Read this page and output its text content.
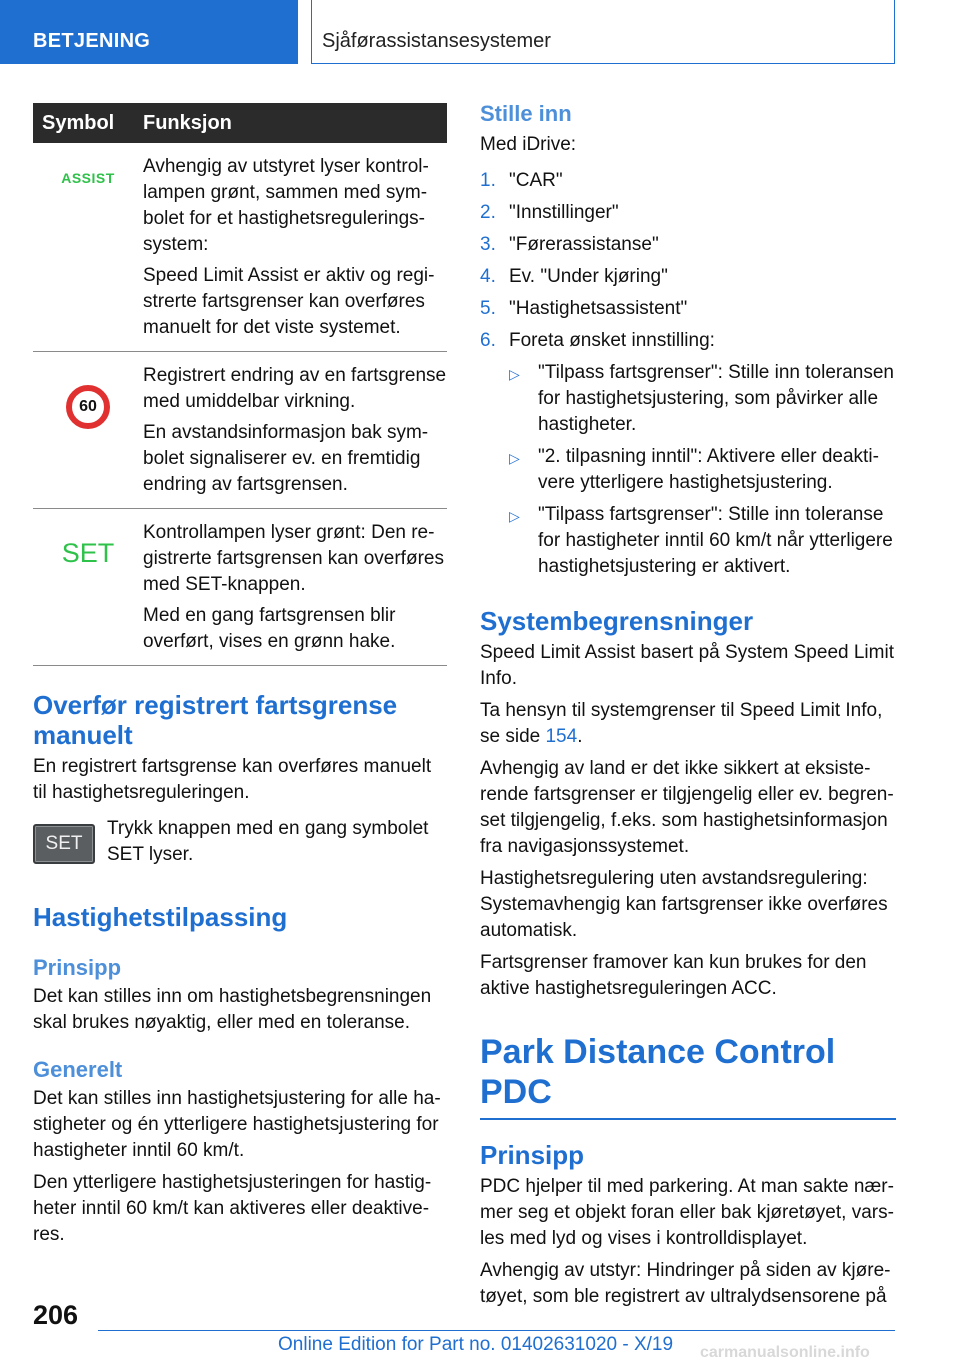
BETJENING	Sjåførassistansesystemer
Symbol	Funksjon
ASSIST

Avhengig av utstyret lyser kontrollampen grønt, sammen med symbolet for et hastighetsreguleringssystem:

Speed Limit Assist er aktiv og registrerte fartsgrenser kan overføres manuelt for det viste systemet.

60

Registrert endring av en fartsgrense med umiddelbar virkning.

En avstandsinformasjon bak symbolet signaliserer ev. en fremtidig endring av fartsgrensen.

SET

Kontrollampen lyser grønt: Den registrerte fartsgrensen kan overføres med SET-knappen.

Med en gang fartsgrensen blir overført, vises en grønn hake.

Overfør registrert fartsgrense manuelt

En registrert fartsgrense kan overføres manuelt til hastighetsreguleringen.

SET

Trykk knappen med en gang symbolet SET lyser.

Hastighetstilpassing
Prinsipp

Det kan stilles inn om hastighetsbegrensningen skal brukes nøyaktig, eller med en toleranse.

Generelt

Det kan stilles inn hastighetsjustering for alle hastigheter og én ytterligere hastighetsjustering for hastigheter inntil 60 km/t.

Den ytterligere hastighetsjusteringen for hastigheter inntil 60 km/t kan aktiveres eller deaktiveres.

Stille inn

Med iDrive:

1. "CAR"
2. "Innstillinger"
3. "Førerassistanse"
4. Ev. "Under kjøring"
5. "Hastighetsassistent"
6. Foreta ønsket innstilling:
▷ "Tilpass fartsgrenser": Stille inn toleransen for hastighetsjustering, som påvirker alle hastigheter.
▷ "2. tilpasning inntil": Aktivere eller deaktivere ytterligere hastighetsjustering.
▷ "Tilpass fartsgrenser": Stille inn toleranse for hastigheter inntil 60 km/t når ytterligere hastighetsjustering er aktivert.
Systembegrensninger

Speed Limit Assist basert på System Speed Limit Info.

Ta hensyn til systemgrenser til Speed Limit Info, se side 154.

Avhengig av land er det ikke sikkert at eksisterende fartsgrenser er tilgjengelig eller ev. begrenset tilgjengelig, f.eks. som hastighetsinformasjon fra navigasjonssystemet.

Hastighetsregulering uten avstandsregulering: Systemavhengig kan fartsgrenser ikke overføres automatisk.

Fartsgrenser framover kan kun brukes for den aktive hastighetsreguleringen ACC.

Park Distance Control PDC
Prinsipp

PDC hjelper til med parkering. At man sakte nærmer seg et objekt foran eller bak kjøretøyet, varsles med lyd og vises i kontrolldisplayet.

Avhengig av utstyr: Hindringer på siden av kjøretøyet, som ble registrert av ultralydsensorene på

206
Online Edition for Part no. 01402631020 - X/19 carmanualsonline.info
